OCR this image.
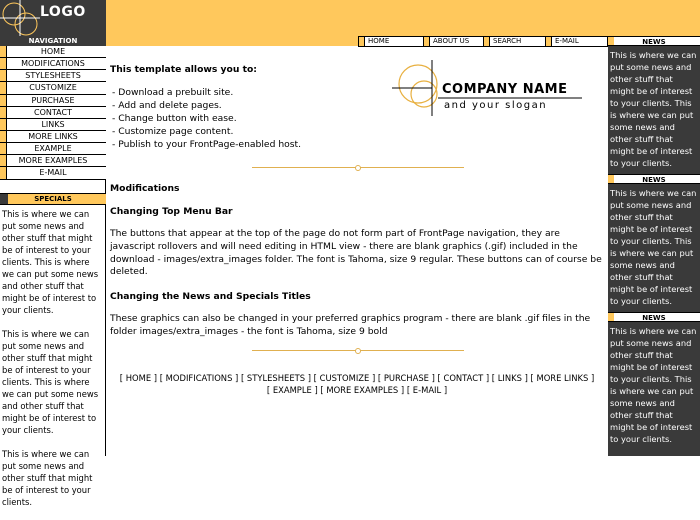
LOGO
HOME	ABOUT US	SEARCH	E-MAIL
NAVIGATION
HOME
MODIFICATIONS
STYLESHEETS
CUSTOMIZE
PURCHASE
CONTACT
LINKS
MORE LINKS
EXAMPLE
MORE EXAMPLES
E-MAIL
SPECIALS

This is where we can put some news and other stuff that might be of interest to your clients. This is where we can put some news and other stuff that might be of interest to your clients.

This is where we can put some news and other stuff that might be of interest to your clients. This is where we can put some news and other stuff that might be of interest to your clients.

This is where we can put some news and other stuff that might be of interest to your clients.

NEWS
This is where we can put some news and other stuff that might be of interest to your clients. This is where we can put some news and other stuff that might be of interest to your clients.
NEWS
This is where we can put some news and other stuff that might be of interest to your clients. This is where we can put some news and other stuff that might be of interest to your clients.
NEWS
This is where we can put some news and other stuff that might be of interest to your clients. This is where we can put some news and other stuff that might be of interest to your clients.
COMPANY NAME
and your slogan
This template allows you to:
- Download a prebuilt site.
- Add and delete pages.
- Change button with ease.
- Customize page content.
- Publish to your FrontPage-enabled host.
Modifications
Changing Top Menu Bar
The buttons that appear at the top of the page do not form part of FrontPage navigation, they are javascript rollovers and will need editing in HTML view - there are blank graphics (.gif) included in the download - images/extra_images folder. The font is Tahoma, size 9 regular. These buttons can of course be deleted.
Changing the News and Specials Titles
These graphics can also be changed in your preferred graphics program - there are blank .gif files in the folder images/extra_images - the font is Tahoma, size 9 bold
[ HOME ] [ MODIFICATIONS ] [ STYLESHEETS ] [ CUSTOMIZE ] [ PURCHASE ] [ CONTACT ] [ LINKS ] [ MORE LINKS ]
[ EXAMPLE ] [ MORE EXAMPLES ] [ E-MAIL ]
